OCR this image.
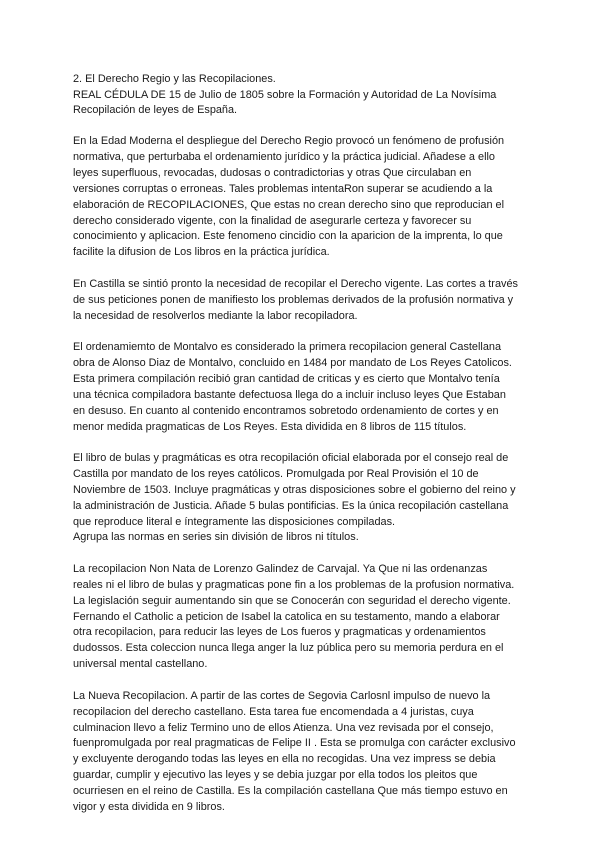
2. El Derecho Regio y las Recopilaciones.

REAL CÉDULA DE 15 de Julio de 1805 sobre la Formación y Autoridad de La Novísima

Recopilación de leyes de España.

En la Edad Moderna el despliegue del Derecho Regio provocó un fenómeno de profusión
normativa, que perturbaba el ordenamiento jurídico y la práctica judicial. Añadese a ello
leyes superfluous, revocadas, dudosas o contradictorias y otras Que circulaban en
versiones corruptas o erroneas. Tales problemas intentaRon superar se acudiendo a la
elaboración de RECOPILACIONES, Que estas no crean derecho sino que reproducian el
derecho considerado vigente, con la finalidad de asegurarle certeza y favorecer su
conocimiento y aplicacion. Este fenomeno cincidio con la aparicion de la imprenta, lo que
facilite la difusion de Los libros en la práctica jurídica.

En Castilla se sintió pronto la necesidad de recopilar el Derecho vigente. Las cortes a través
de sus peticiones ponen de manifiesto los problemas derivados de la profusión normativa y
la necesidad de resolverlos mediante la labor recopiladora.

El ordenamiemto de Montalvo es considerado la primera recopilacion general Castellana
obra de Alonso Diaz de Montalvo, concluido en 1484 por mandato de Los Reyes Catolicos.
Esta primera compilación recibió gran cantidad de criticas y es cierto que Montalvo tenía
una técnica compiladora bastante defectuosa llega do a incluir incluso leyes Que Estaban
en desuso. En cuanto al contenido encontramos sobretodo ordenamiento de cortes y en
menor medida pragmaticas de Los Reyes. Esta dividida en 8 libros de 115 títulos.

El libro de bulas y pragmáticas es otra recopilación oficial elaborada por el consejo real de
Castilla por mandato de los reyes católicos. Promulgada por Real Provisión el 10 de
Noviembre de 1503. Incluye pragmáticas y otras disposiciones sobre el gobierno del reino y
la administración de Justicia. Añade 5 bulas pontificias. Es la única recopilación castellana
que reproduce literal e íntegramente las disposiciones compiladas.
Agrupa las normas en series sin división de libros ni títulos.

La recopilacion Non Nata de Lorenzo Galindez de Carvajal. Ya Que ni las ordenanzas
reales ni el libro de bulas y pragmaticas pone fin a los problemas de la profusion normativa.
La legislación seguir aumentando sin que se Conocerán con seguridad el derecho vigente.
Fernando el Catholic a peticion de Isabel la catolica en su testamento, mando a elaborar
otra recopilacion, para reducir las leyes de Los fueros y pragmaticas y ordenamientos
dudossos. Esta coleccion nunca llega anger la luz pública pero su memoria perdura en el
universal mental castellano.

La Nueva Recopilacion. A partir de las cortes de Segovia Carlosnl impulso de nuevo la
recopilacion del derecho castellano. Esta tarea fue encomendada a 4 juristas, cuya
culminacion llevo a feliz Termino uno de ellos Atienza. Una vez revisada por el consejo,
fuenpromulgada por real pragmaticas de Felipe II . Esta se promulga con carácter exclusivo
y excluyente derogando todas las leyes en ella no recogidas. Una vez impress se debia
guardar, cumplir y ejecutivo las leyes y se debia juzgar por ella todos los pleitos que
ocurriesen en el reino de Castilla. Es la compilación castellana Que más tiempo estuvo en
vigor y esta dividida en 9 libros.
